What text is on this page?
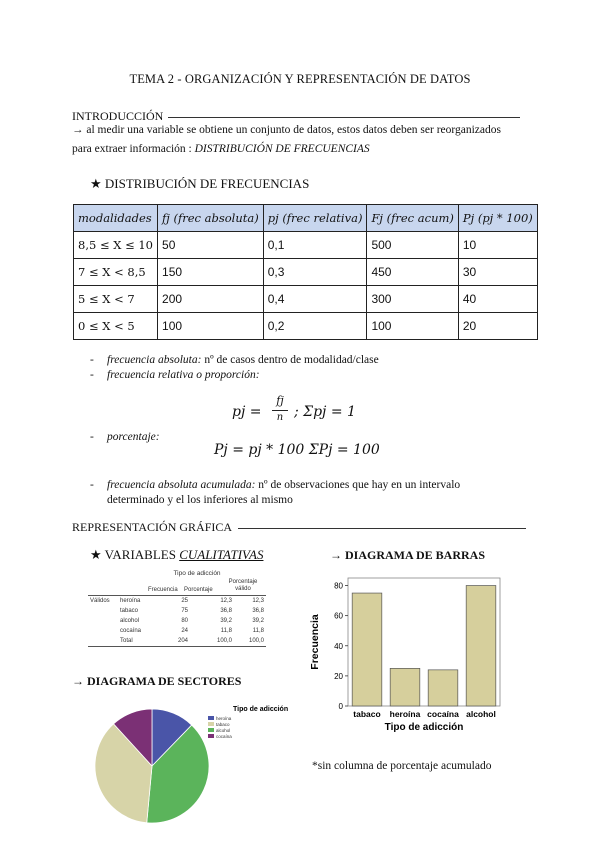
TEMA 2 - ORGANIZACIÓN Y REPRESENTACIÓN DE DATOS
INTRODUCCIÓN
→ al medir una variable se obtiene un conjunto de datos, estos datos deben ser reorganizados
para extraer información : DISTRIBUCIÓN DE FRECUENCIAS
★ DISTRIBUCIÓN DE FRECUENCIAS
modalidades	fj (frec absoluta)	pj (frec relativa)	Fj (frec acum)	Pj (pj * 100)
8,5 ≤ X ≤ 10	50	0,1	500	10
7 ≤ X < 8,5	150	0,3	450	30
5 ≤ X < 7	200	0,4	300	40
0 ≤ X < 5	100	0,2	100	20
- frecuencia absoluta: nº de casos dentro de modalidad/clase
- frecuencia relativa o proporción:
pj =
fj
n ; Σpj = 1
- porcentaje:
Pj = pj * 100 ΣPj = 100
- frecuencia absoluta acumulada: nº de observaciones que hay en un intervalo
determinado y el los inferiores al mismo
REPRESENTACIÓN GRÁFICA
★ VARIABLES CUALITATIVAS	→ DIAGRAMA DE BARRAS
Tipo de adicción
Frecuencia Porcentaje
Porcentaje válido
Válidos	heroína	25	12,3	12,3
	tabaco	75	36,8	36,8
	alcohol	80	39,2	39,2
	cocaína	24	11,8	11,8
	Total	204	100,0	100,0
→ DIAGRAMA DE SECTORES
Tipo de adicción
heroína
tabaco
alcohol
cocaína
0
20
40
60
80
tabaco heroína cocaína alcohol
Tipo de adicción
Frecuencia
*sin columna de porcentaje acumulado
